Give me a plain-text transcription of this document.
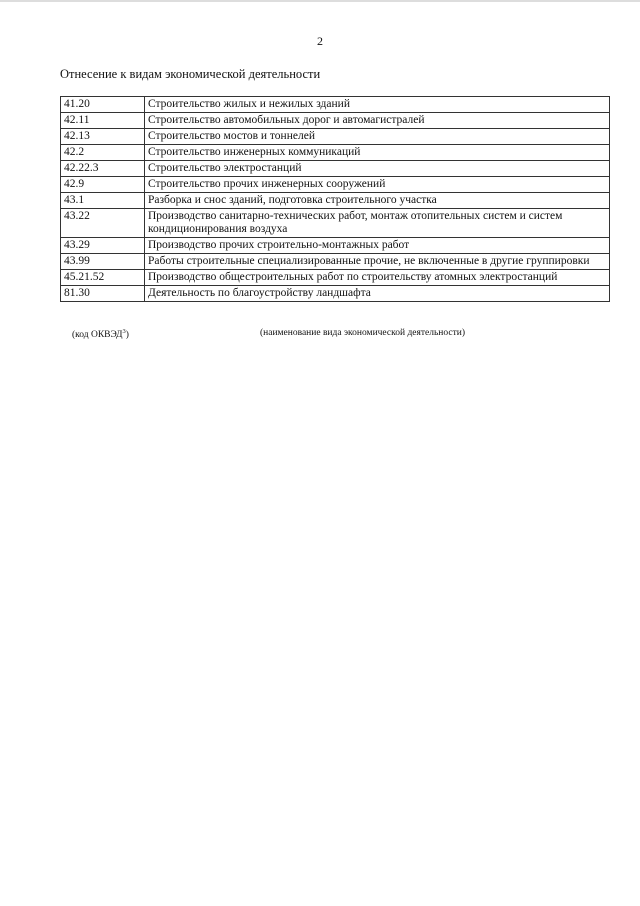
2
Отнесение к видам экономической деятельности
41.20	Строительство жилых и нежилых зданий
42.11	Строительство автомобильных дорог и автомагистралей
42.13	Строительство мостов и тоннелей
42.2	Строительство инженерных коммуникаций
42.22.3	Строительство электростанций
42.9	Строительство прочих инженерных сооружений
43.1	Разборка и снос зданий, подготовка строительного участка
43.22	Производство санитарно-технических работ, монтаж отопительных систем и систем кондиционирования воздуха
43.29	Производство прочих строительно-монтажных работ
43.99	Работы строительные специализированные прочие, не включенные в другие группировки
45.21.52	Производство общестроительных работ по строительству атомных электростанций
81.30	Деятельность по благоустройству ландшафта
(код ОКВЭД$^3$)	(наименование вида экономической деятельности)
